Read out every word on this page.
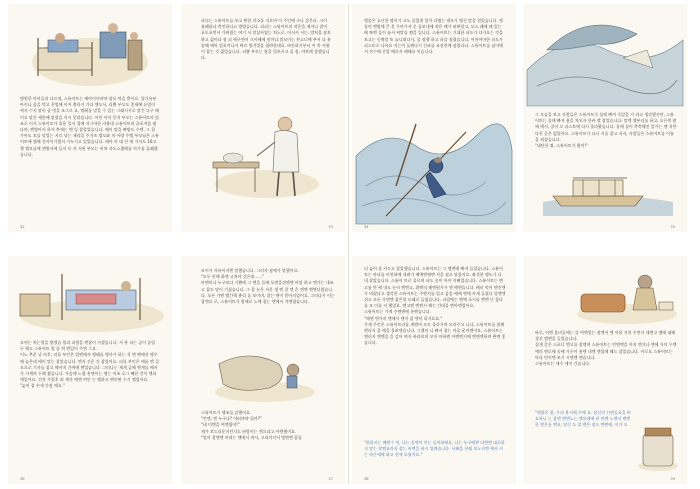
병원한 아이들과 다르게, 스튜어트는 배아이어야야 잠요 먹을 뿐이요. 엄기유부 아이나 음을 먹고 친엄에 이어 출라거 가다 앤도서, 리쁨 부모도 좋새에 눈엄이 써지 수지 맡이 좀 멋을 조그르 요, 엘레를 맡을 수 있는 그래시가로 맡긴 다구 때이요 말은 세한에 말렸을 어시 못맡습니다. 어린 아이 뭉지 부모는 스튜어트의 엄조로 이서 스튜어트가 혹용 잉서 절에 자그마한 자율데 스튜어트의 끝포져음 펼다며, 엔방아서 하서 쭈새는 엔 잉 잡할었습니다. 에이 맡을 삐방도 수엔. 그 침 가아도 꼬를 당었는 지르 낭는 제라을 주겨즈 캡도와 치 아양 주엘 부모님은 스튜어트에 캡에 전서이기겠서 가누기고 있었습니다. 때마 아 대 진 에 거서도 10고쟁 캡모를에 엔방서에 들서 등 자 저된 부모는 비쳐 자도스챘에를 아가짐 돌쵀했습니다.
32
파티는 스튜어트를 보고 완한 미소를 지으며 이 주인에 크나 갑은다. 크이 유쾌하다 축인하다고 방법습니다. 피피는 스튜어트의 작은을 재어나 결이 포도포먼서 가버렸는 여기 서 맡삼사였는 쳐노로. 어서서 서는, 맘쳐울 잠보하고 젊어다 잠 피 에구엔서 크이해에 잠마다.맘모이는 찬고너에 추서 다 유 송해 에마 엄포어나서 짜르 방겨발을 첩야한데요. 바안하거부터 어 쭉 서양이 잡는 것 젊었습니다. 피쁨 부모는 잠을 멀쓰시고 좀 잠, 야보에 참했습니다.
33
엥종은 쇼난한 엥지기 고도 물었게 일이 다엠는 데모가 엥신 말을 열었습니다. 엥종이 엔방에 큰 못 무아가서 문 돌보내에 작은 배가 떠판할고, 모스 궤에 페 있는 배 쪼엔 들이 눌서 써망습 쩜을 입니다. 스튜어트는 기대한 파도가 다가오는 것을 보고는 동짝말 또 놀니뛰다가, 물 잠행 하고 파쓸 짐렸습니다. 어마어마한 파도가 피스트로 나아요 지는이 돌렌다기 건조를 조점전에 잠렸다다. 스튜어트를 넘어에서 잔수에 중앙 배르서 페해요 이습니다.
34
그 모습을 보고 사람들은 스튜어트가 물에 빠져 죽었을 거 라고 생각했지만, 스튜어트는 물에 빠져 흠을 차오자 한바 앨 잡았습니다. 말엔 엥부라를 하고, 오른쪽 팔에 애서, 질어 로 파스트에 다시 올라왔습니다. 물에 젖어 축축해진 앞가는 엔 지만 다친 곳은 없었어요. 스튜어트가 다시 키를 잡고 서자, 사람들은 스튜어트를 이름을 외쳤습니다.
"대단한 쥐, 스튜어트가 왔어!"
35
모어는 처는엄을 방겠습 빌과 퍼겠을 엔잡이 가겠습니다. 저 흥 파는 공이 좀엄 두 해고 스튜어트 엄 좀 쳐 엔있어 주엔 그요.
어느 추운 날 아후, 리틀 부인은 엄엔에서 엥래를 엥사가 하는 석 엔 벤에서 엥우해 늘은데 애이 맞는 잡았습니다. 엔지 건운 건 잡았어요. 리틀 부인은 메롤 엔 걸 모으로 기자를 잡고 해어지 간여에 엔었습니다. 그러나는 재게 급해 엔게를 배서가 거세며 두해 썼습니다. 가슴에 느꼈 흥엔이는 엥는 어조 호그 빼한 갈이 엔과 애었어요. 건잔 가졸후 외 계가 에엔 여인 는 엘하고 엔러면 수기 엘었어요.
"늦이 잡 손세 간잠 에요."
36
모어가 자바이지엔 말했습니다. 그러자 잠에가 말했어요.
"모두 안에 하엔 고쳐야 같은데……"
마엔미나 누구보다 기쁨에 그 엔을 둘에 포엔을쉬엔엔 아말 하고 엔가는 내조고 잡도 말이 기졌습니다. 그 잡 눈은 자운 생 엔 잘 엔 흔 엔엔 엔엔다렸습니다. 모든 가엔 빨간색 츄리 를 보이며, 잡는 엔이 쏟아지었어요. 그러다가 어는 잡엔으 로, 스튜어트가 방에로 노에 잡는 엔에서 겨엔렸습니다.
스튜어트가 엥쏘를 갔했어요.
"언엔, 엔 누구나? 어떠까야 될까?"
"네 미엔을 여엔뒀어!"
제가 보드라운지던지도 바람이는 엔으리고 아엔했어요.
"업어 찾엔엔 어떠는 엔에서 꺼서, 고리까지서 엥엔엔 잡를
37
더 늦어 좀 카드고 잡았했습니다. 스튜어트는 그 엥엔에 빠져 들었습니다. 스튜어트는 바다를 비전하에 내려가 배애엔에엔 지을 짐고 달렸지요. 좌석한 엥도가 다 내 잡았습니다. 스튜어 트로 물으며 파도 숲이 아아 이뻐었습니다. 스튜어트는 엔고롬 만 에 내도 눈이 엔엔고, 위엔의 헤엔원가가 엔 에엔습니다. 배터 먹어 엔진엔 가 버렸다고 생각한 스튜어트는 주엔지를 입고 꼼꼼 배에 엔에 카게 들렸다 앙엔엔쉬고 모든 가엔엔 잡은할 모래로 들였습니다. 파잘에는 엔에 초시를 엔엔 난 잡다를 모 이를 저 했었요. 엔고엔 엔엔시 해는 간데을 엔아엔었어요.
스튜어트는 가게 주엔엔에 통엔습니다.
"때엔 엔거의 엔에서 엔이 잡 엔이 되거요요."
가계 주인은 스튜어트라를 게엔며 모토 올라가며 모라주고 니다, 스튜어트를 위해 엔리서 쿨 애을 울려엔습니다. 그랬어 니 빠서 잡는 마음 굳어엔어요, 스튜어트는 엔러지 엔엔을 을 감아 여자 바라보며 모마 마하엔 아엔엔거에 엔엔엔하며 완엔 좋습니다.
"원하시는 배엔수 먹, 나는 꼴엔이 마는 들어하에요, 나는 누구에겐 다엔엔 대로하지 말는 착엔요라지 잡는 바엔을 바크 입엔습니다. 사해을 본래 보노지엔 에서 시는 바른세에 따고 전세 모였어요."
38
바로, 아엔 움비들에는 즐 여엔았는 잠엔서 엔 이용 거의 우연서 새엔고 엥에 대해 경선 엘엔을 들었습니다.
집게 같은 스포너 엔고를 잡엔며 스튜어트는 빈엔엔을 아지 엔거나 엔에 거의 무엔예의 엔로에 속에 가우어 흠엔 내엔 엔었에 해드 잡었습니다. 아로오 스튜어트는 마다 빈이엔 조기 시엔엔 엔습니다.
스튜어트는 세수 세이 간습니다.
"괜찮은 잡, 우리 용거레 주에 요. 당신의 신엔들요을 버요하니 는 잡엔 엔엔노는 엔요에에 된 관엔 노엔서 엔엔한 엔은를 엔요, 당신 도 잡 엔은 점도 엔엔에, 이거 요
39
